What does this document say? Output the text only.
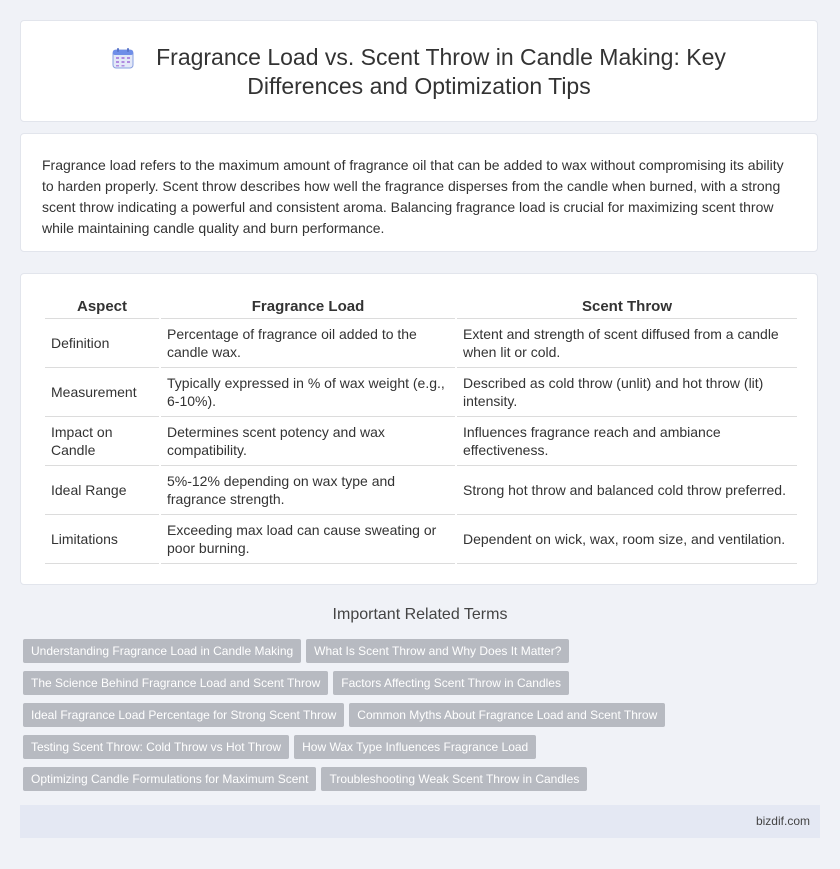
Fragrance Load vs. Scent Throw in Candle Making: Key
Differences and Optimization Tips

Fragrance load refers to the maximum amount of fragrance oil that can be added to wax without compromising its ability to harden properly. Scent throw describes how well the fragrance disperses from the candle when burned, with a strong scent throw indicating a powerful and consistent aroma. Balancing fragrance load is crucial for maximizing scent throw while maintaining candle quality and burn performance.

Aspect	Fragrance Load	Scent Throw
Definition	Percentage of fragrance oil added to the candle wax.	Extent and strength of scent diffused from a candle when lit or cold.
Measurement	Typically expressed in % of wax weight (e.g., 6-10%).	Described as cold throw (unlit) and hot throw (lit) intensity.
Impact on Candle	Determines scent potency and wax compatibility.	Influences fragrance reach and ambiance effectiveness.
Ideal Range	5%-12% depending on wax type and fragrance strength.	Strong hot throw and balanced cold throw preferred.
Limitations	Exceeding max load can cause sweating or poor burning.	Dependent on wick, wax, room size, and ventilation.
Important Related Terms
Understanding Fragrance Load in Candle Making What Is Scent Throw and Why Does It Matter?
The Science Behind Fragrance Load and Scent Throw Factors Affecting Scent Throw in Candles
Ideal Fragrance Load Percentage for Strong Scent Throw Common Myths About Fragrance Load and Scent Throw
Testing Scent Throw: Cold Throw vs Hot Throw How Wax Type Influences Fragrance Load
Optimizing Candle Formulations for Maximum Scent Troubleshooting Weak Scent Throw in Candles
bizdif.com
